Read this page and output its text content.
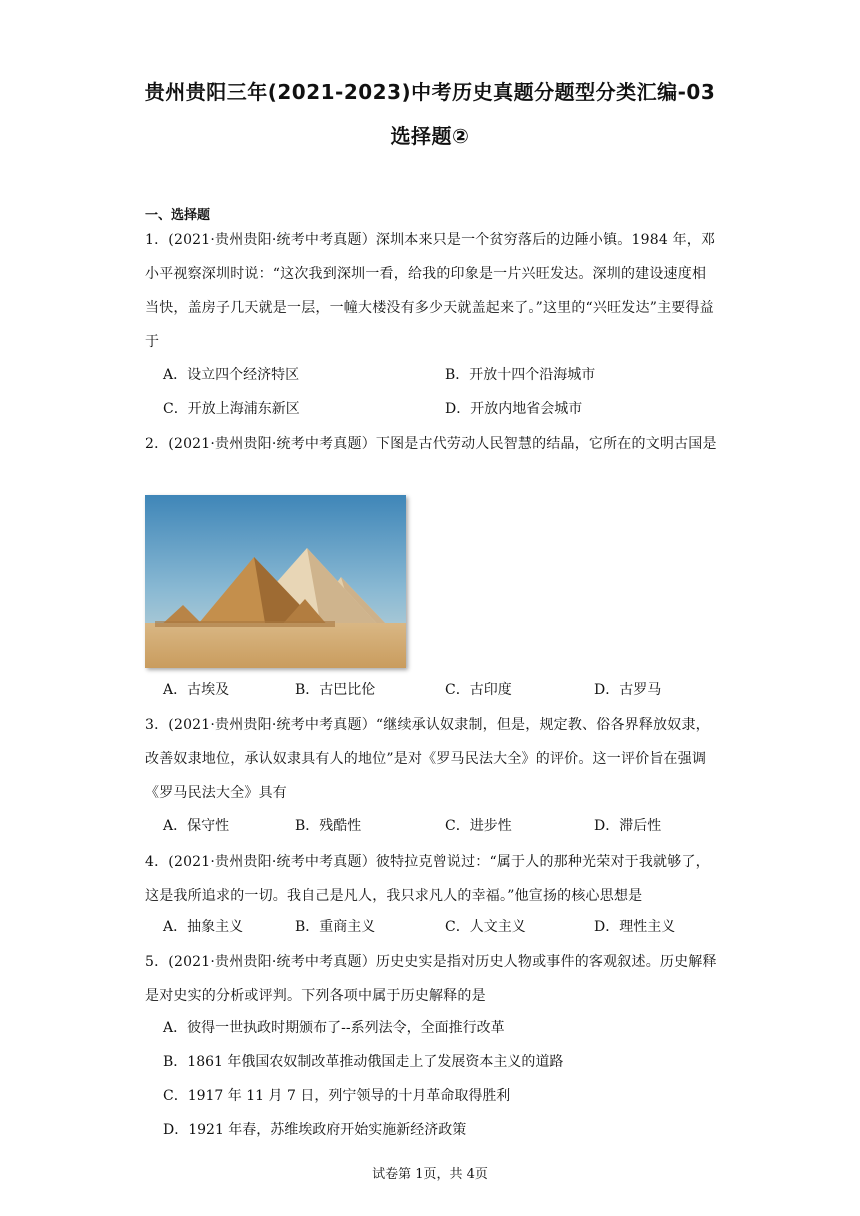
贵州贵阳三年(2021-2023)中考历史真题分题型分类汇编-03
选择题②
一、选择题
1．(2021·贵州贵阳·统考中考真题）深圳本来只是一个贫穷落后的边陲小镇。1984 年，邓小平视察深圳时说：“这次我到深圳一看，给我的印象是一片兴旺发达。深圳的建设速度相当快，盖房子几天就是一层，一幢大楼没有多少天就盖起来了。”这里的“兴旺发达”主要得益于
A．设立四个经济特区	B．开放十四个沿海城市
C．开放上海浦东新区	D．开放内地省会城市
2．(2021·贵州贵阳·统考中考真题）下图是古代劳动人民智慧的结晶，它所在的文明古国是
A．古埃及	B．古巴比伦	C．古印度	D．古罗马
3．(2021·贵州贵阳·统考中考真题）“继续承认奴隶制，但是，规定教、俗各界释放奴隶，改善奴隶地位，承认奴隶具有人的地位”是对《罗马民法大全》的评价。这一评价旨在强调《罗马民法大全》具有
A．保守性	B．残酷性	C．进步性	D．滞后性
4．(2021·贵州贵阳·统考中考真题）彼特拉克曾说过：“属于人的那种光荣对于我就够了，这是我所追求的一切。我自己是凡人，我只求凡人的幸福。”他宣扬的核心思想是
A．抽象主义	B．重商主义	C．人文主义	D．理性主义
5．(2021·贵州贵阳·统考中考真题）历史史实是指对历史人物或事件的客观叙述。历史解释是对史实的分析或评判。下列各项中属于历史解释的是
A．彼得一世执政时期颁布了--系列法令，全面推行改革
B．1861 年俄国农奴制改革推动俄国走上了发展资本主义的道路
C．1917 年 11 月 7 日，列宁领导的十月革命取得胜利
D．1921 年春，苏维埃政府开始实施新经济政策
试卷第 1页，共 4页
